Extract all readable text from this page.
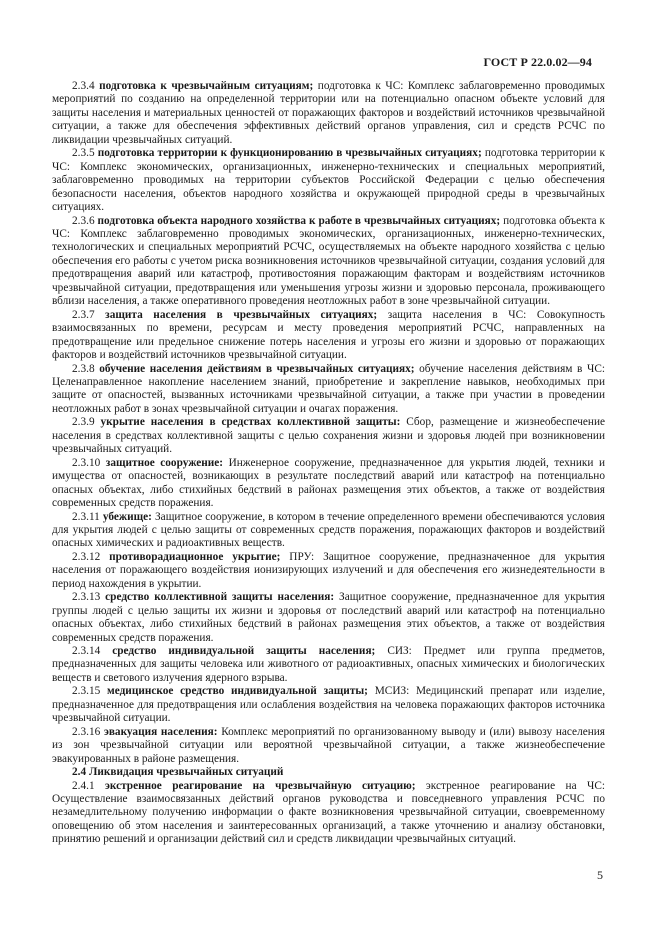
ГОСТ Р 22.0.02—94

2.3.4 подготовка к чрезвычайным ситуациям; подготовка к ЧС: Комплекс заблаговременно проводимых мероприятий по созданию на определенной территории или на потенциально опасном объекте условий для защиты населения и материальных ценностей от поражающих факторов и воздействий источников чрезвычайной ситуации, а также для обеспечения эффективных действий органов управления, сил и средств РСЧС по ликвидации чрезвычайных ситуаций.

2.3.5 подготовка территории к функционированию в чрезвычайных ситуациях; подготовка территории к ЧС: Комплекс экономических, организационных, инженерно-технических и специальных мероприятий, заблаговременно проводимых на территории субъектов Российской Федерации с целью обеспечения безопасности населения, объектов народного хозяйства и окружающей природной среды в чрезвычайных ситуациях.

2.3.6 подготовка объекта народного хозяйства к работе в чрезвычайных ситуациях; подготовка объекта к ЧС: Комплекс заблаговременно проводимых экономических, организационных, инженерно-технических, технологических и специальных мероприятий РСЧС, осуществляемых на объекте народного хозяйства с целью обеспечения его работы с учетом риска возникновения источников чрезвычайной ситуации, создания условий для предотвращения аварий или катастроф, противостояния поражающим факторам и воздействиям источников чрезвычайной ситуации, предотвращения или уменьшения угрозы жизни и здоровью персонала, проживающего вблизи населения, а также оперативного проведения неотложных работ в зоне чрезвычайной ситуации.

2.3.7 защита населения в чрезвычайных ситуациях; защита населения в ЧС: Совокупность взаимосвязанных по времени, ресурсам и месту проведения мероприятий РСЧС, направленных на предотвращение или предельное снижение потерь населения и угрозы его жизни и здоровью от поражающих факторов и воздействий источников чрезвычайной ситуации.

2.3.8 обучение населения действиям в чрезвычайных ситуациях; обучение населения действиям в ЧС: Целенаправленное накопление населением знаний, приобретение и закрепление навыков, необходимых при защите от опасностей, вызванных источниками чрезвычайной ситуации, а также при участии в проведении неотложных работ в зонах чрезвычайной ситуации и очагах поражения.

2.3.9 укрытие населения в средствах коллективной защиты: Сбор, размещение и жизнеобеспечение населения в средствах коллективной защиты с целью сохранения жизни и здоровья людей при возникновении чрезвычайных ситуаций.

2.3.10 защитное сооружение: Инженерное сооружение, предназначенное для укрытия людей, техники и имущества от опасностей, возникающих в результате последствий аварий или катастроф на потенциально опасных объектах, либо стихийных бедствий в районах размещения этих объектов, а также от воздействия современных средств поражения.

2.3.11 убежище: Защитное сооружение, в котором в течение определенного времени обеспечиваются условия для укрытия людей с целью защиты от современных средств поражения, поражающих факторов и воздействий опасных химических и радиоактивных веществ.

2.3.12 противорадиационное укрытие; ПРУ: Защитное сооружение, предназначенное для укрытия населения от поражающего воздействия ионизирующих излучений и для обеспечения его жизнедеятельности в период нахождения в укрытии.

2.3.13 средство коллективной защиты населения: Защитное сооружение, предназначенное для укрытия группы людей с целью защиты их жизни и здоровья от последствий аварий или катастроф на потенциально опасных объектах, либо стихийных бедствий в районах размещения этих объектов, а также от воздействия современных средств поражения.

2.3.14 средство индивидуальной защиты населения; СИЗ: Предмет или группа предметов, предназначенных для защиты человека или животного от радиоактивных, опасных химических и биологических веществ и светового излучения ядерного взрыва.

2.3.15 медицинское средство индивидуальной защиты; МСИЗ: Медицинский препарат или изделие, предназначенное для предотвращения или ослабления воздействия на человека поражающих факторов источника чрезвычайной ситуации.

2.3.16 эвакуация населения: Комплекс мероприятий по организованному выводу и (или) вывозу населения из зон чрезвычайной ситуации или вероятной чрезвычайной ситуации, а также жизнеобеспечение эвакуированных в районе размещения.

2.4 Ликвидация чрезвычайных ситуаций

2.4.1 экстренное реагирование на чрезвычайную ситуацию; экстренное реагирование на ЧС: Осуществление взаимосвязанных действий органов руководства и повседневного управления РСЧС по незамедлительному получению информации о факте возникновения чрезвычайной ситуации, своевременному оповещению об этом населения и заинтересованных организаций, а также уточнению и анализу обстановки, принятию решений и организации действий сил и средств ликвидации чрезвычайных ситуаций.

5
